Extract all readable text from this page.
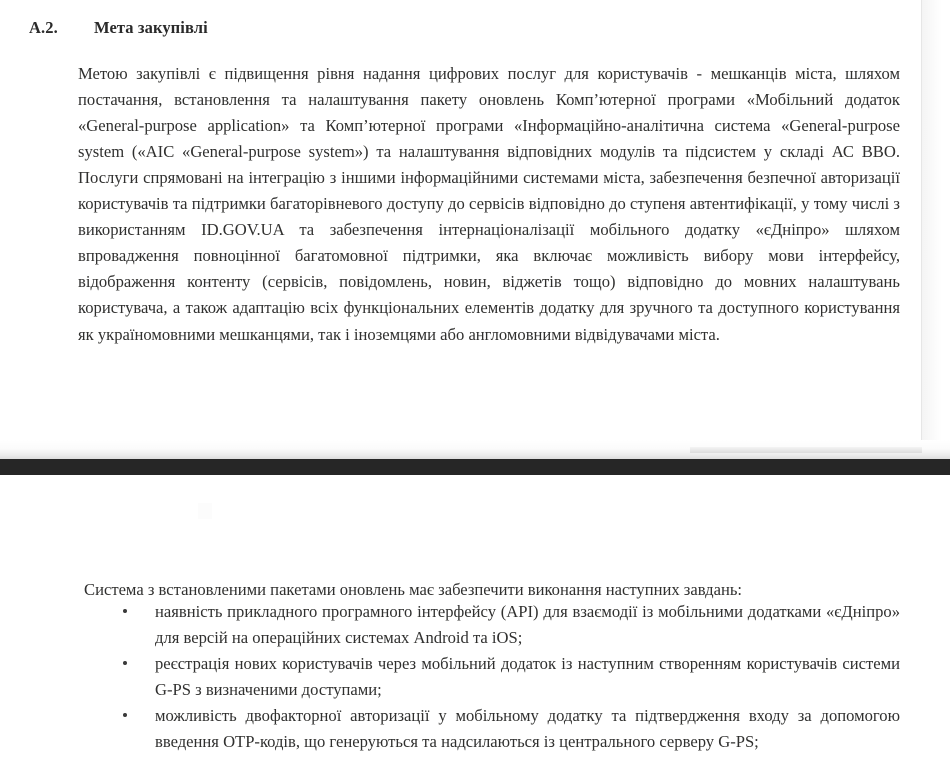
А.2. Мета закупівлі

Метою закупівлі є підвищення рівня надання цифрових послуг для користувачів - мешканців міста, шляхом постачання, встановлення та налаштування пакету оновлень Комп’ютерної програми «Мобільний додаток «General-purpose application» та Комп’ютерної програми «Інформаційно-аналітична система «General-purpose system («АІС «General-purpose system») та налаштування відповідних модулів та підсистем у складі АС ВВО. Послуги спрямовані на інтеграцію з іншими інформаційними системами міста, забезпечення безпечної авторизації користувачів та підтримки багаторівневого доступу до сервісів відповідно до ступеня автентифікації, у тому числі з використанням ID.GOV.UA та забезпечення інтернаціоналізації мобільного додатку «єДніпро» шляхом впровадження повноцінної багатомовної підтримки, яка включає можливість вибору мови інтерфейсу, відображення контенту (сервісів, повідомлень, новин, віджетів тощо) відповідно до мовних налаштувань користувача, а також адаптацію всіх функціональних елементів додатку для зручного та доступного користування як україномовними мешканцями, так і іноземцями або англомовними відвідувачами міста.

Система з встановленими пакетами оновлень має забезпечити виконання наступних завдань:

наявність прикладного програмного інтерфейсу (API) для взаємодії із мобільними додатками «єДніпро» для версій на операційних системах Android та iOS;
реєстрація нових користувачів через мобільний додаток із наступним створенням користувачів системи G-PS з визначеними доступами;
можливість двофакторної авторизації у мобільному додатку та підтвердження входу за допомогою введення ОТР-кодів, що генеруються та надсилаються із центрального серверу G-PS;
